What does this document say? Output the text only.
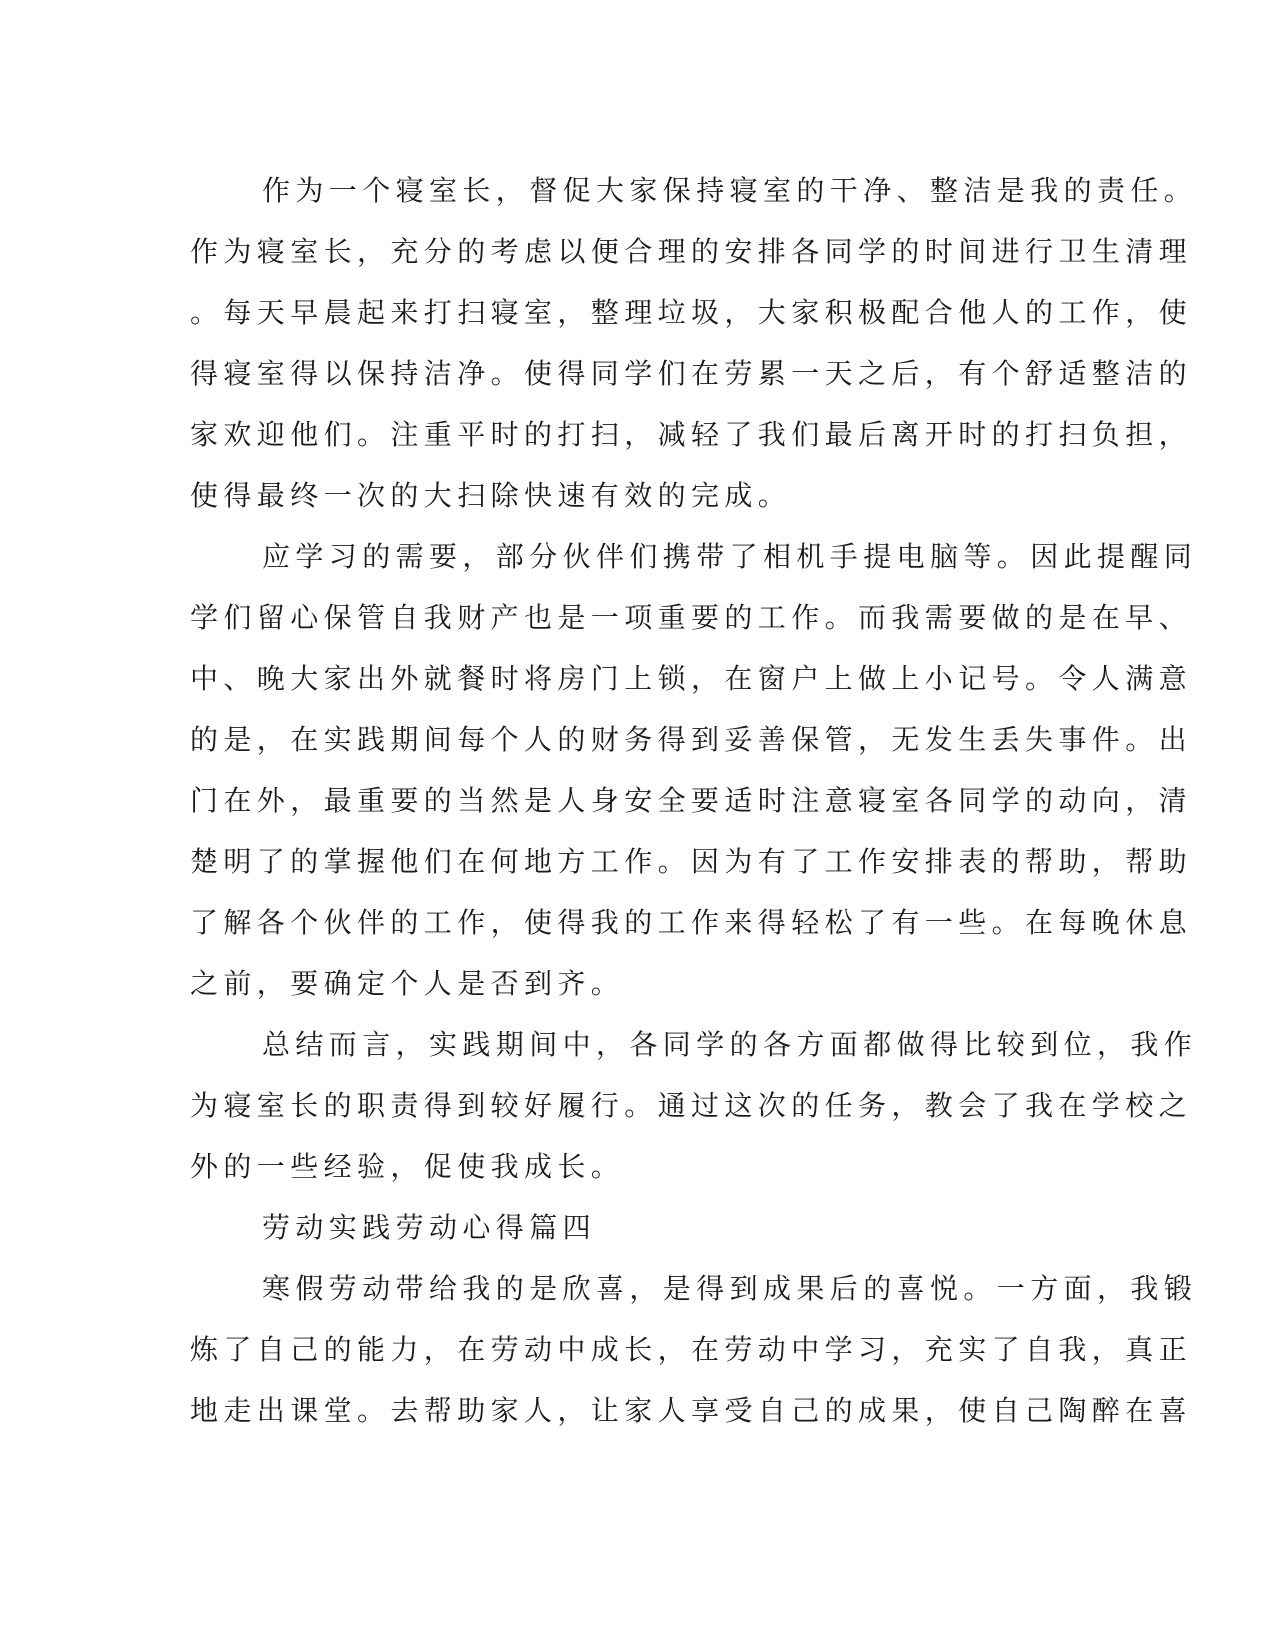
作为一个寝室长，督促大家保持寝室的干净、整洁是我的责任。
作为寝室长，充分的考虑以便合理的安排各同学的时间进行卫生清理
。每天早晨起来打扫寝室，整理垃圾，大家积极配合他人的工作，使
得寝室得以保持洁净。使得同学们在劳累一天之后，有个舒适整洁的
家欢迎他们。注重平时的打扫，减轻了我们最后离开时的打扫负担，
使得最终一次的大扫除快速有效的完成。
应学习的需要，部分伙伴们携带了相机手提电脑等。因此提醒同
学们留心保管自我财产也是一项重要的工作。而我需要做的是在早、
中、晚大家出外就餐时将房门上锁，在窗户上做上小记号。令人满意
的是，在实践期间每个人的财务得到妥善保管，无发生丢失事件。出
门在外，最重要的当然是人身安全要适时注意寝室各同学的动向，清
楚明了的掌握他们在何地方工作。因为有了工作安排表的帮助，帮助
了解各个伙伴的工作，使得我的工作来得轻松了有一些。在每晚休息
之前，要确定个人是否到齐。
总结而言，实践期间中，各同学的各方面都做得比较到位，我作
为寝室长的职责得到较好履行。通过这次的任务，教会了我在学校之
外的一些经验，促使我成长。
劳动实践劳动心得篇四
寒假劳动带给我的是欣喜，是得到成果后的喜悦。一方面，我锻
炼了自己的能力，在劳动中成长，在劳动中学习，充实了自我，真正
地走出课堂。去帮助家人，让家人享受自己的成果，使自己陶醉在喜
